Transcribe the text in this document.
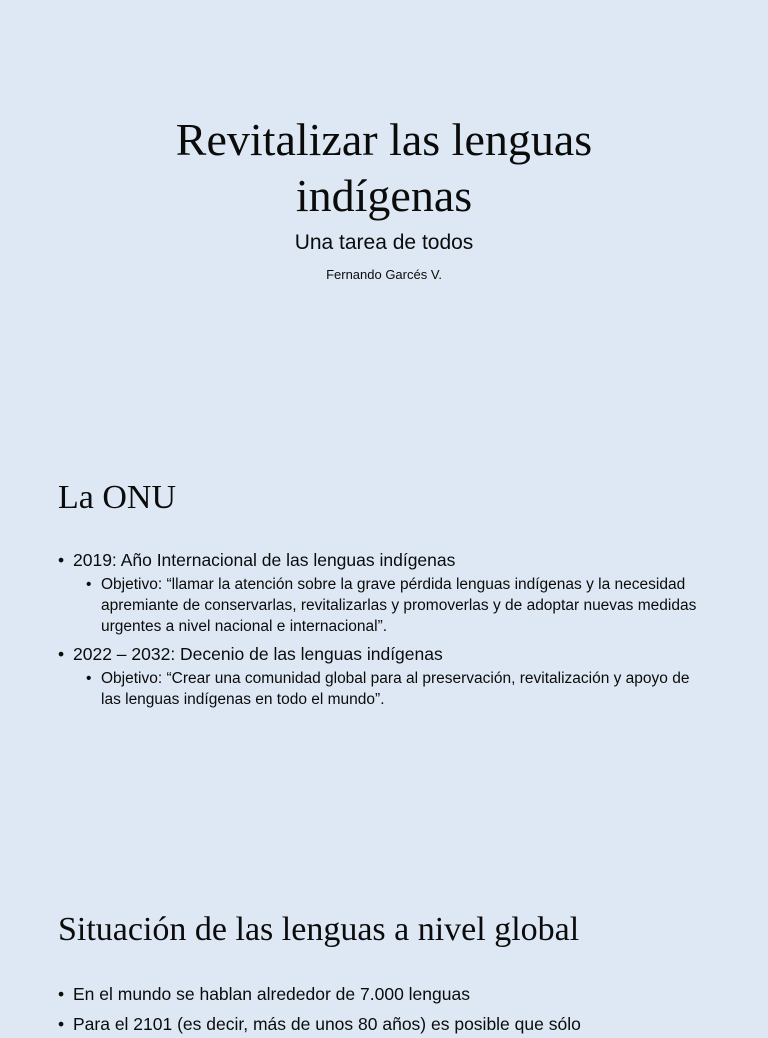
Revitalizar las lenguas
indígenas

Una tarea de todos

Fernando Garcés V.

La ONU
• 2019: Año Internacional de las lenguas indígenas
• Objetivo: “llamar la atención sobre la grave pérdida lenguas indígenas y la necesidad apremiante de conservarlas, revitalizarlas y promoverlas y de adoptar nuevas medidas urgentes a nivel nacional e internacional”.
• 2022 – 2032: Decenio de las lenguas indígenas
• Objetivo: “Crear una comunidad global para al preservación, revitalización y apoyo de las lenguas indígenas en todo el mundo”.
Situación de las lenguas a nivel global
• En el mundo se hablan alrededor de 7.000 lenguas
• Para el 2101 (es decir, más de unos 80 años) es posible que sólo
